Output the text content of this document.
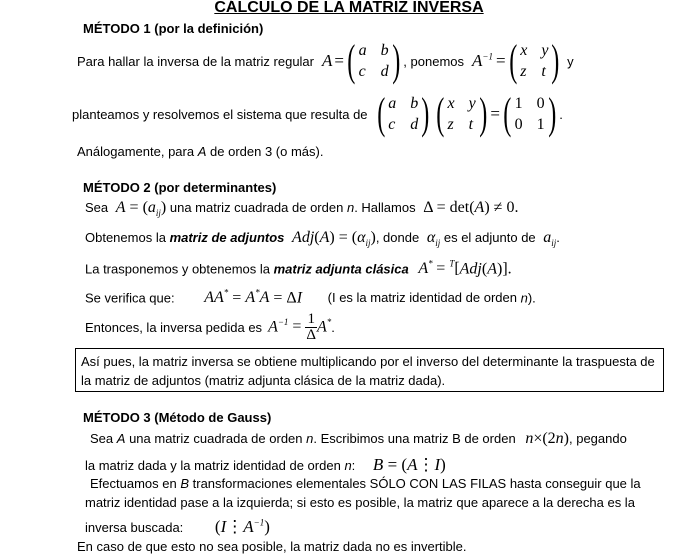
CÁLCULO DE LA MATRIZ INVERSA
MÉTODO 1 (por la definición)
Para hallar la inversa de la matriz regular A = ( a b
c d ) , ponemos $A^{-1}$ = ( x y
z t ) y
planteamos y resolvemos el sistema que resulta de ( a b
c d ) ( x y
z t ) = ( 1 0
0 1 ) .
Análogamente, para A de orden 3 (o más).
MÉTODO 2 (por determinantes)
Sea $A = (a_{ij})$ una matriz cuadrada de orden n. Hallamos Δ = det(A) ≠ 0.
Obtenemos la matriz de adjuntos $Adj(A) = (\alpha_{ij})$, donde $\alpha_{ij}$ es el adjunto de $a_{ij}$.
La trasponemos y obtenemos la matriz adjunta clásica A* = $^T$[Adj(A)].
Se verifica que: AA* = A*A = ΔI (I es la matriz identidad de orden n).
Entonces, la inversa pedida es $A^{-1} = \frac{1}{\Delta} A^*$ .

Así pues, la matriz inversa se obtiene multiplicando por el inverso del determinante la traspuesta de la matriz de adjuntos (matriz adjunta clásica de la matriz dada).

MÉTODO 3 (Método de Gauss)
Sea A una matriz cuadrada de orden n. Escribimos una matriz B de orden n×(2n), pegando
la matriz dada y la matriz identidad de orden n: B = (A⋮I)
Efectuamos en B transformaciones elementales SÓLO CON LAS FILAS hasta conseguir que la
matriz identidad pase a la izquierda; si esto es posible, la matriz que aparece a la derecha es la
inversa buscada: $(I⋮A^{-1})$
En caso de que esto no sea posible, la matriz dada no es invertible.
